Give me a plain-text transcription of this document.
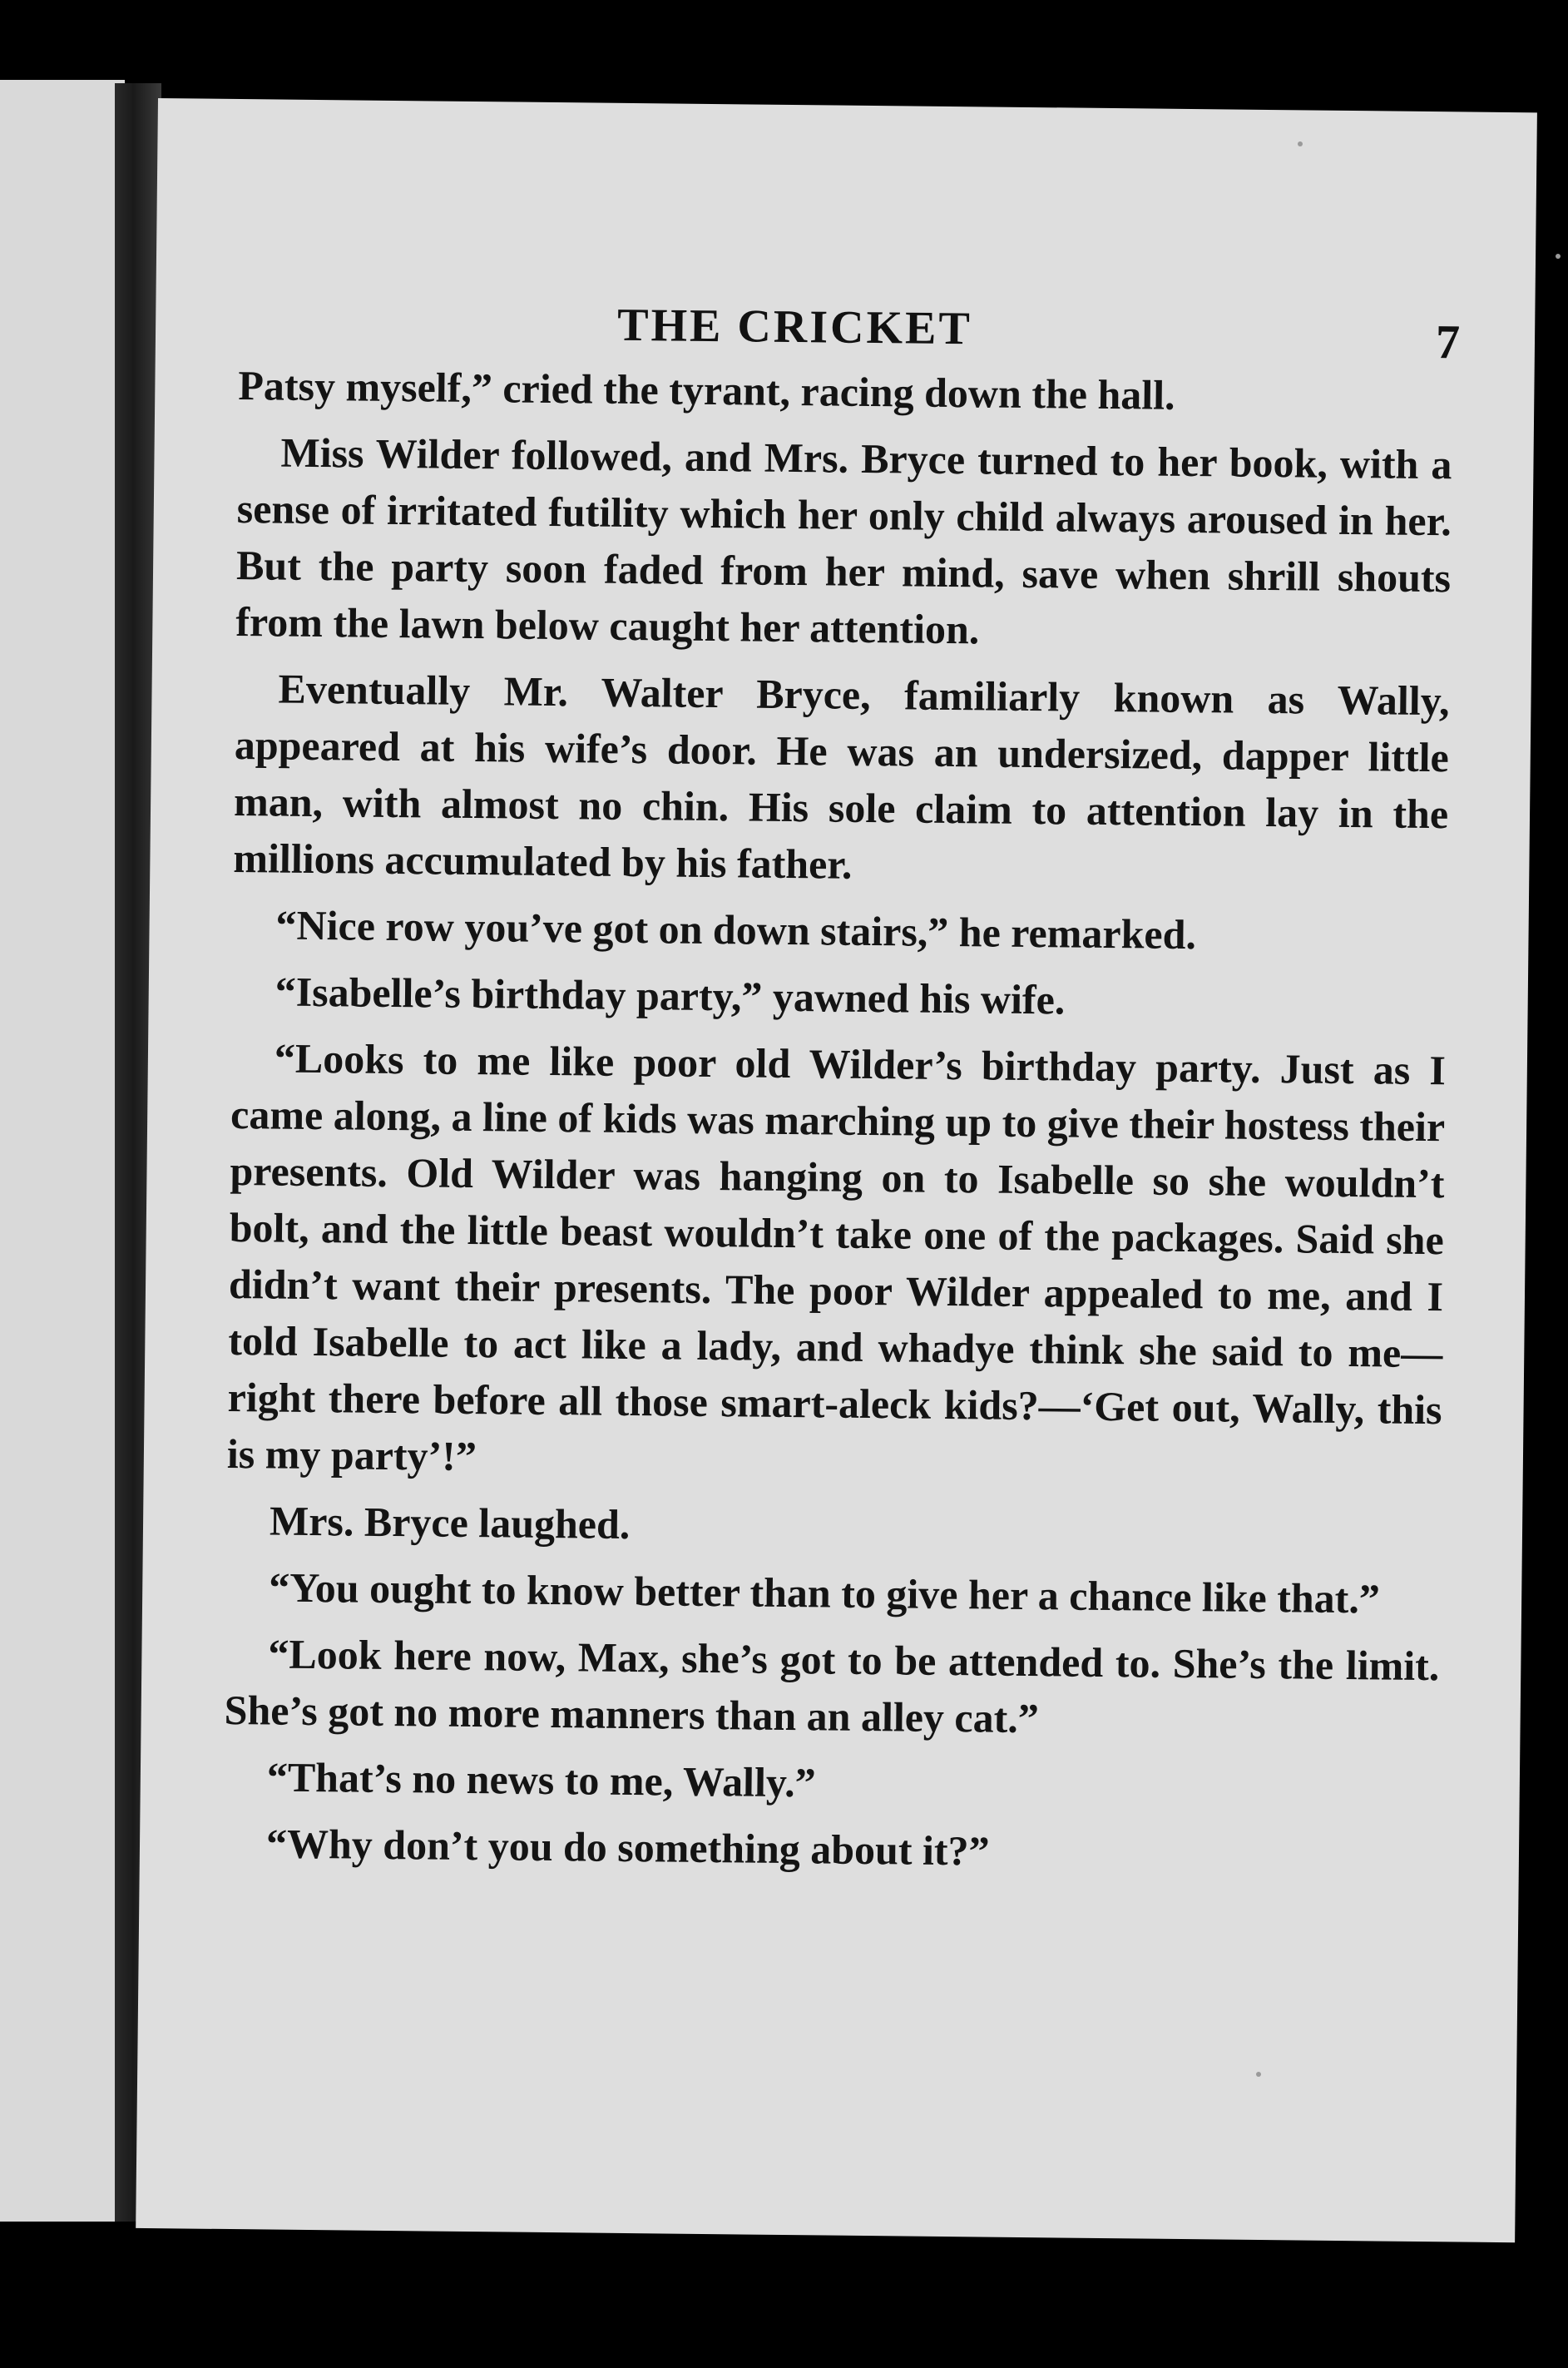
THE CRICKET	7

Patsy myself,” cried the tyrant, racing down the hall.

Miss Wilder followed, and Mrs. Bryce turned to her book, with a sense of irritated futility which her only child always aroused in her. But the party soon faded from her mind, save when shrill shouts from the lawn below caught her attention.

Eventually Mr. Walter Bryce, familiarly known as Wally, appeared at his wife’s door. He was an undersized, dapper little man, with almost no chin. His sole claim to attention lay in the millions accumulated by his father.

“Nice row you’ve got on down stairs,” he remarked.

“Isabelle’s birthday party,” yawned his wife.

“Looks to me like poor old Wilder’s birthday party. Just as I came along, a line of kids was marching up to give their hostess their presents. Old Wilder was hanging on to Isabelle so she wouldn’t bolt, and the little beast wouldn’t take one of the packages. Said she didn’t want their presents. The poor Wilder appealed to me, and I told Isabelle to act like a lady, and whadye think she said to me—right there before all those smart-aleck kids?—‘Get out, Wally, this is my party’!”

Mrs. Bryce laughed.

“You ought to know better than to give her a chance like that.”

“Look here now, Max, she’s got to be attended to. She’s the limit. She’s got no more manners than an alley cat.”

“That’s no news to me, Wally.”

“Why don’t you do something about it?”
